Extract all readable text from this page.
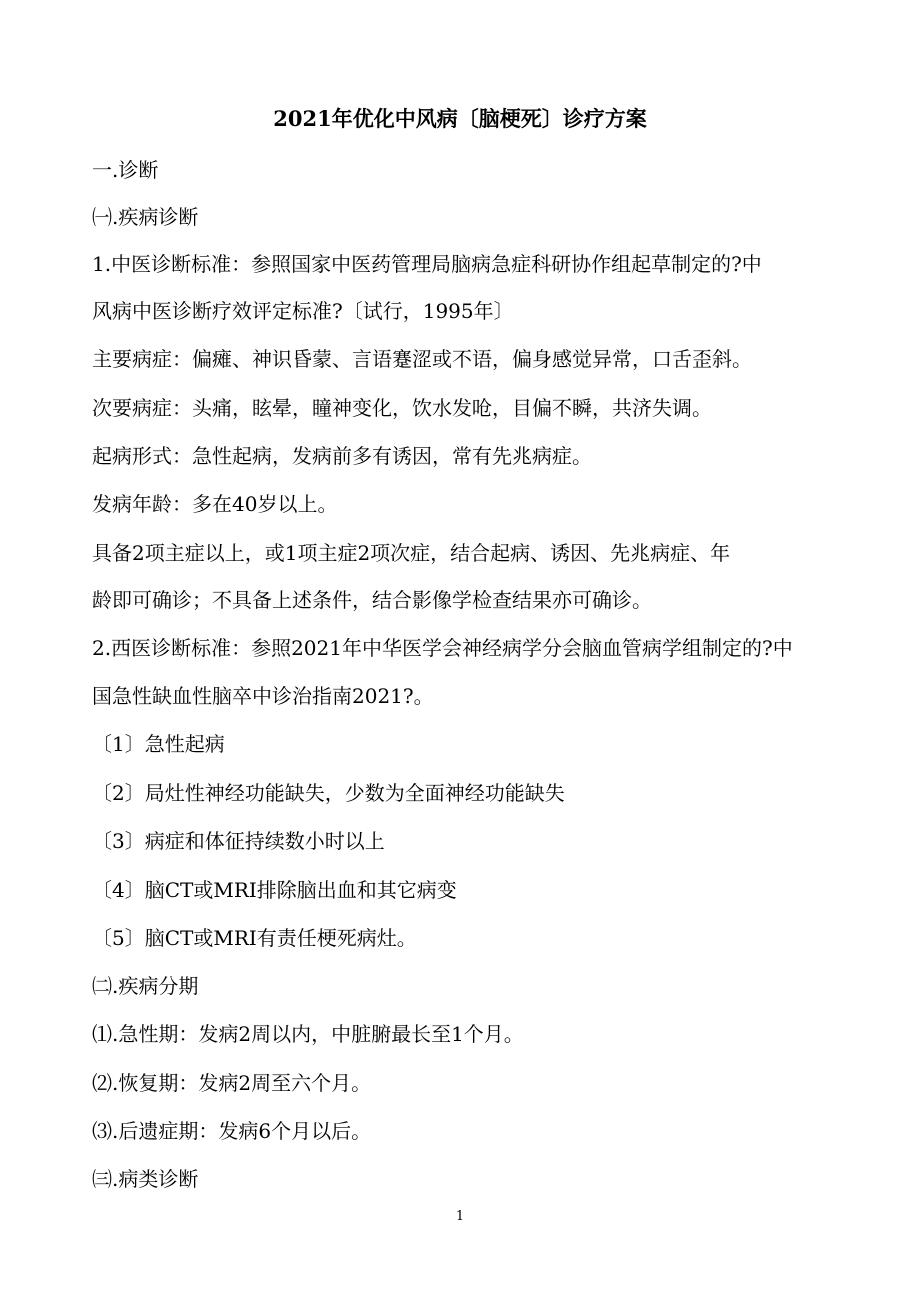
2021年优化中风病〔脑梗死〕诊疗方案
一.诊断
㈠.疾病诊断
1.中医诊断标准：参照国家中医药管理局脑病急症科研协作组起草制定的?中
风病中医诊断疗效评定标准?〔试行，1995年〕
主要病症：偏瘫、神识昏蒙、言语蹇涩或不语，偏身感觉异常，口舌歪斜。
次要病症：头痛，眩晕，瞳神变化，饮水发呛，目偏不瞬，共济失调。
起病形式：急性起病，发病前多有诱因，常有先兆病症。
发病年龄：多在40岁以上。
具备2项主症以上，或1项主症2项次症，结合起病、诱因、先兆病症、年
龄即可确诊；不具备上述条件，结合影像学检查结果亦可确诊。
2.西医诊断标准：参照2021年中华医学会神经病学分会脑血管病学组制定的?中
国急性缺血性脑卒中诊治指南2021?。
〔1〕急性起病
〔2〕局灶性神经功能缺失，少数为全面神经功能缺失
〔3〕病症和体征持续数小时以上
〔4〕脑CT或MRI排除脑出血和其它病变
〔5〕脑CT或MRI有责任梗死病灶。
㈡.疾病分期
⑴.急性期：发病2周以内，中脏腑最长至1个月。
⑵.恢复期：发病2周至六个月。
⑶.后遗症期：发病6个月以后。
㈢.病类诊断
1
